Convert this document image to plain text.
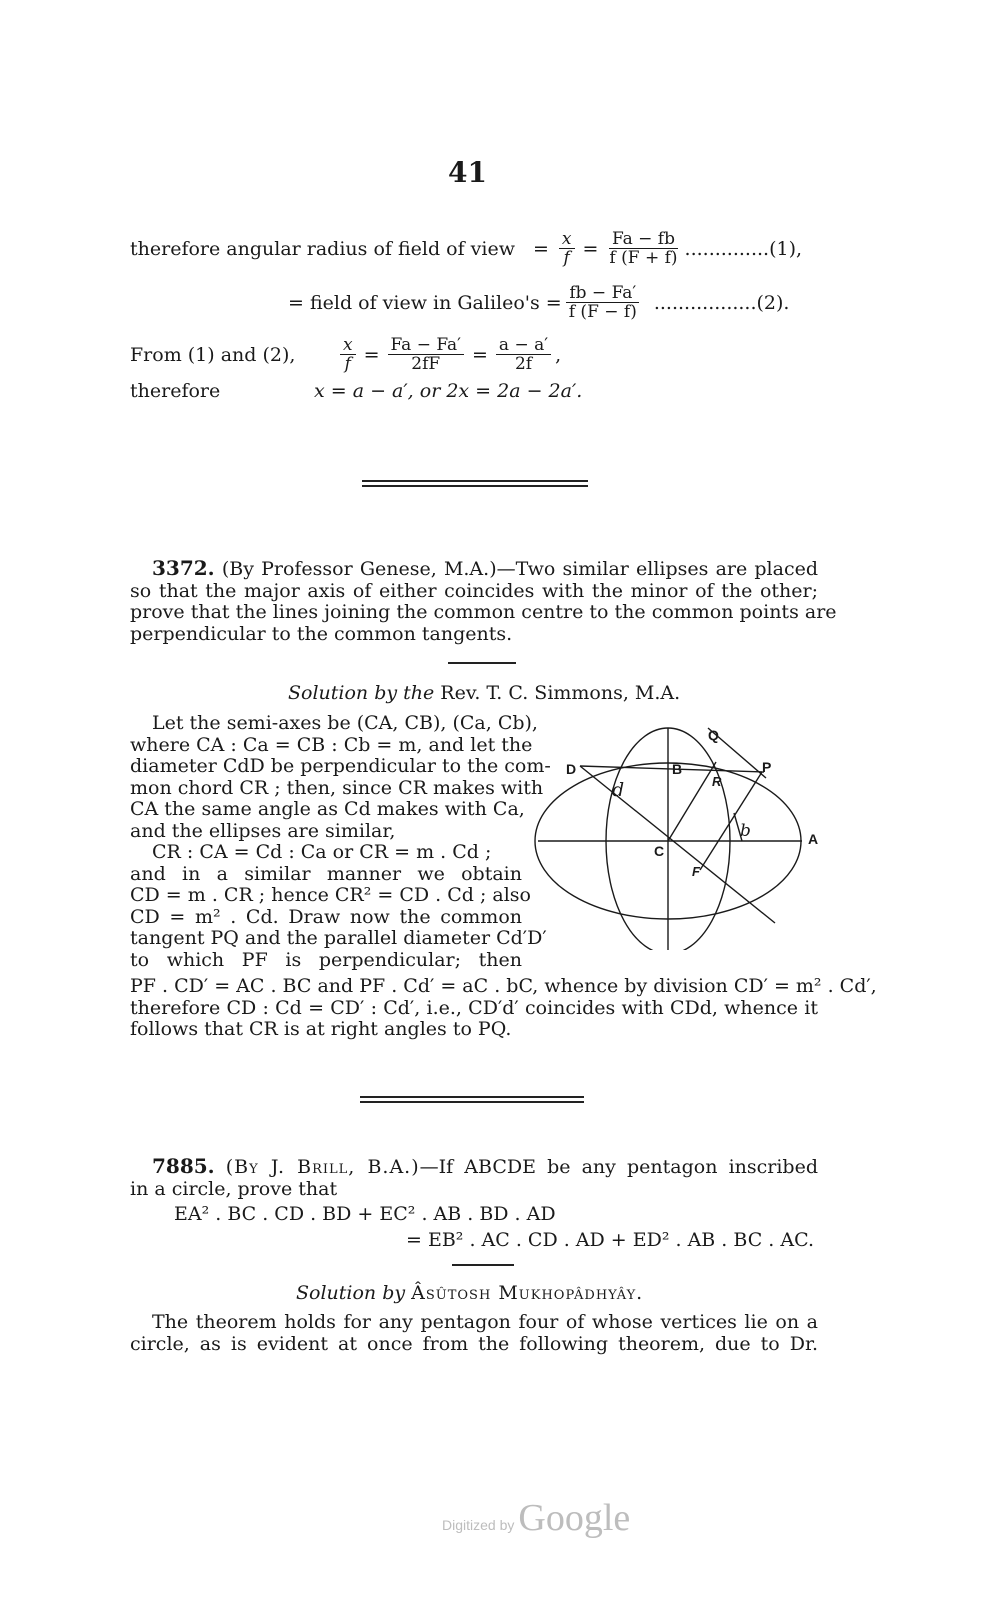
41
therefore angular radius of field of view = $\frac{x}{f} = \frac{Fa - fb}{f (F + f)} ..............(1)$,
= field of view in Galileo's = $\frac{fb - Fa'}{f (F - f)} .................(2)$.
From (1) and (2),	$\frac{x}{f} = \frac{Fa - Fa'}{2fF} = \frac{a - a'}{2f}$ ,
therefore	x = a − a′, or 2x = 2a − 2a′.
3372. (By Professor Genese, M.A.)—Two similar ellipses are placed
so that the major axis of either coincides with the minor of the other;
prove that the lines joining the common centre to the common points are
perpendicular to the common tangents.
Solution by the Rev. T. C. Simmons, M.A.
Let the semi-axes be (CA, CB), (Ca, Cb),
where CA : Ca = CB : Cb = m, and let the
diameter CdD be perpendicular to the com-
mon chord CR ; then, since CR makes with
CA the same angle as Cd makes with Ca,
and the ellipses are similar,
CR : CA = Cd : Ca or CR = m . Cd ;
and in a similar manner we obtain
CD = m . CR ; hence CR² = CD . Cd ; also
CD = m² . Cd. Draw now the common
tangent PQ and the parallel diameter Cd′D′
to which PF is perpendicular; then
Q
D	B	P
R
A
C
F
d
b
PF . CD′ = AC . BC and PF . Cd′ = aC . bC, whence by division CD′ = m² . Cd′,
therefore CD : Cd = CD′ : Cd′, i.e., CD′d′ coincides with CDd, whence it
follows that CR is at right angles to PQ.
7885. (By J. Brill, B.A.)—If ABCDE be any pentagon inscribed
in a circle, prove that
EA² . BC . CD . BD + EC² . AB . BD . AD
= EB² . AC . CD . AD + ED² . AB . BC . AC.
Solution by Âsûtosh Mukhopâdhyây.
The theorem holds for any pentagon four of whose vertices lie on a
circle, as is evident at once from the following theorem, due to Dr.
Digitized by Google
